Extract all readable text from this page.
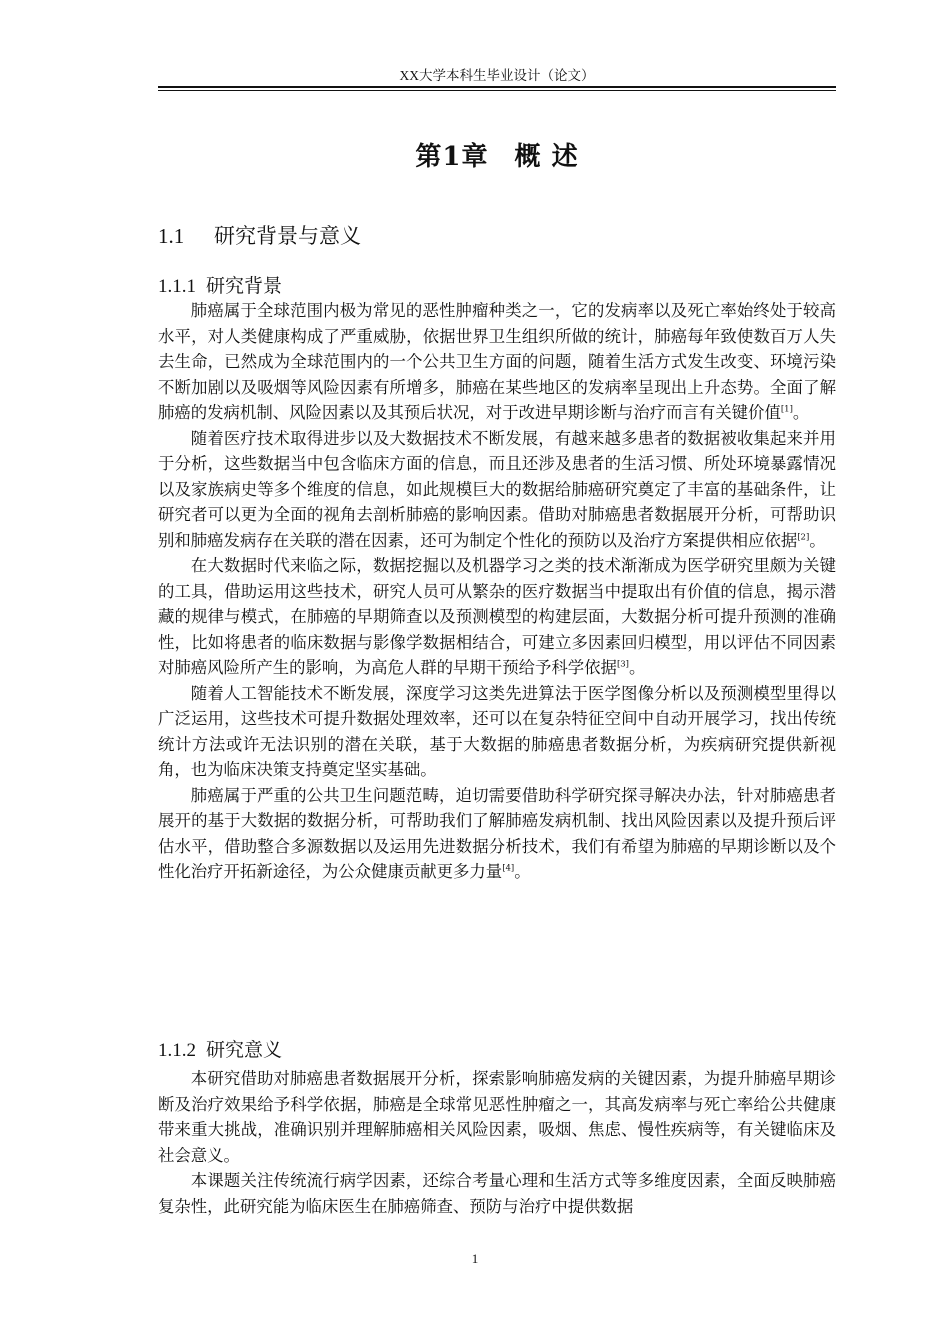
XX大学本科生毕业设计（论文）
第1章 概 述
1.1 研究背景与意义
1.1.1 研究背景

肺癌属于全球范围内极为常见的恶性肿瘤种类之一，它的发病率以及死亡率始终处于较高水平，对人类健康构成了严重威胁，依据世界卫生组织所做的统计，肺癌每年致使数百万人失去生命，已然成为全球范围内的一个公共卫生方面的问题，随着生活方式发生改变、环境污染不断加剧以及吸烟等风险因素有所增多，肺癌在某些地区的发病率呈现出上升态势。全面了解肺癌的发病机制、风险因素以及其预后状况，对于改进早期诊断与治疗而言有关键价值[1]。

随着医疗技术取得进步以及大数据技术不断发展，有越来越多患者的数据被收集起来并用于分析，这些数据当中包含临床方面的信息，而且还涉及患者的生活习惯、所处环境暴露情况以及家族病史等多个维度的信息，如此规模巨大的数据给肺癌研究奠定了丰富的基础条件，让研究者可以更为全面的视角去剖析肺癌的影响因素。借助对肺癌患者数据展开分析，可帮助识别和肺癌发病存在关联的潜在因素，还可为制定个性化的预防以及治疗方案提供相应依据[2]。

在大数据时代来临之际，数据挖掘以及机器学习之类的技术渐渐成为医学研究里颇为关键的工具，借助运用这些技术，研究人员可从繁杂的医疗数据当中提取出有价值的信息，揭示潜藏的规律与模式，在肺癌的早期筛查以及预测模型的构建层面，大数据分析可提升预测的准确性，比如将患者的临床数据与影像学数据相结合，可建立多因素回归模型，用以评估不同因素对肺癌风险所产生的影响，为高危人群的早期干预给予科学依据[3]。

随着人工智能技术不断发展，深度学习这类先进算法于医学图像分析以及预测模型里得以广泛运用，这些技术可提升数据处理效率，还可以在复杂特征空间中自动开展学习，找出传统统计方法或许无法识别的潜在关联，基于大数据的肺癌患者数据分析，为疾病研究提供新视角，也为临床决策支持奠定坚实基础。

肺癌属于严重的公共卫生问题范畴，迫切需要借助科学研究探寻解决办法，针对肺癌患者展开的基于大数据的数据分析，可帮助我们了解肺癌发病机制、找出风险因素以及提升预后评估水平，借助整合多源数据以及运用先进数据分析技术，我们有希望为肺癌的早期诊断以及个性化治疗开拓新途径，为公众健康贡献更多力量[4]。

1.1.2 研究意义

本研究借助对肺癌患者数据展开分析，探索影响肺癌发病的关键因素，为提升肺癌早期诊断及治疗效果给予科学依据，肺癌是全球常见恶性肿瘤之一，其高发病率与死亡率给公共健康带来重大挑战，准确识别并理解肺癌相关风险因素，吸烟、焦虑、慢性疾病等，有关键临床及社会意义。

本课题关注传统流行病学因素，还综合考量心理和生活方式等多维度因素，全面反映肺癌复杂性，此研究能为临床医生在肺癌筛查、预防与治疗中提供数据

1
